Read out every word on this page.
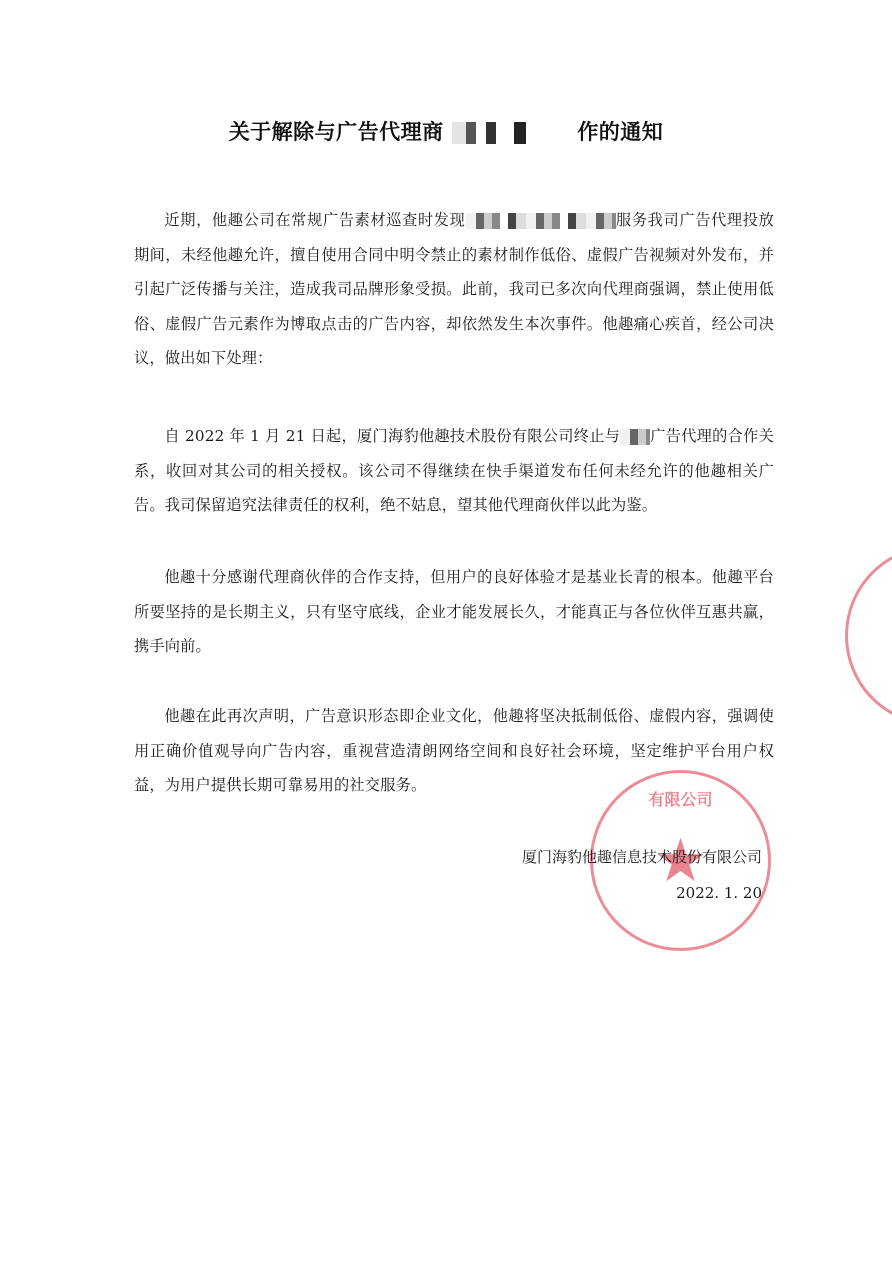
关于解除与广告代理商	作的通知
近期，他趣公司在常规广告素材巡查时发现	服务我司广告代理投放期间，未经他趣允许，擅自使用合同中明令禁止的素材制作低俗、虚假广告视频对外发布，并引起广泛传播与关注，造成我司品牌形象受损。此前，我司已多次向代理商强调，禁止使用低俗、虚假广告元素作为博取点击的广告内容，却依然发生本次事件。他趣痛心疾首，经公司决议，做出如下处理：
自 2022 年 1 月 21 日起，厦门海豹他趣技术股份有限公司终止与 广告代理的合作关系，收回对其公司的相关授权。该公司不得继续在快手渠道发布任何未经允许的他趣相关广告。我司保留追究法律责任的权利，绝不姑息，望其他代理商伙伴以此为鉴。
他趣十分感谢代理商伙伴的合作支持，但用户的良好体验才是基业长青的根本。他趣平台所要坚持的是长期主义，只有坚守底线，企业才能发展长久，才能真正与各位伙伴互惠共赢，携手向前。
他趣在此再次声明，广告意识形态即企业文化，他趣将坚决抵制低俗、虚假内容，强调使用正确价值观导向广告内容，重视营造清朗网络空间和良好社会环境，坚定维护平台用户权益，为用户提供长期可靠易用的社交服务。
有限公司
★
厦门海豹他趣信息技术股份有限公司
2022. 1. 20
